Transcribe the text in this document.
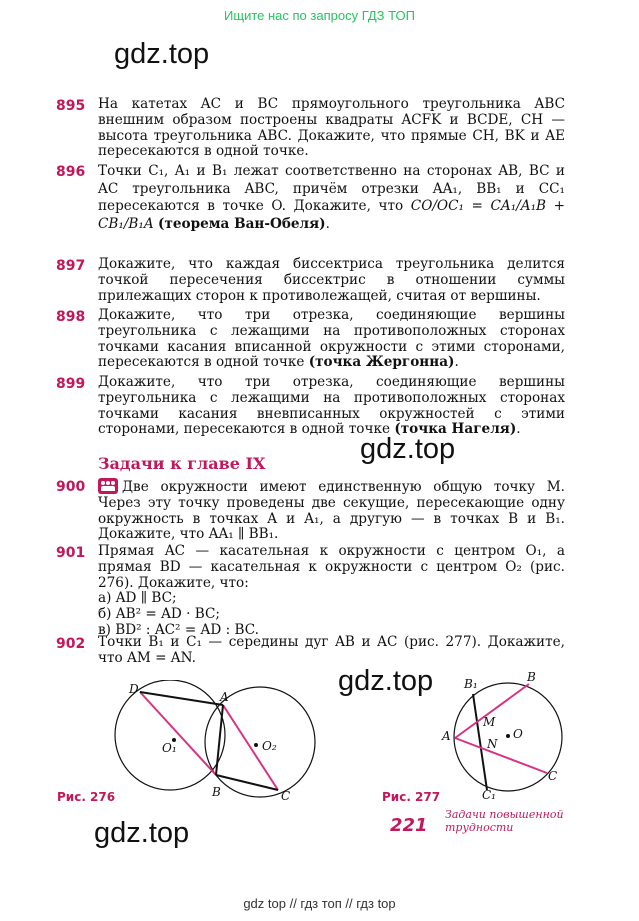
Ищите нас по запросу ГДЗ ТОП
gdz.top
gdz.top
gdz.top
gdz.top
895 На катетах AC и BC прямоугольного треугольника ABC внешним образом построены квадраты ACFK и BCDE, CH — высота треугольника ABC. Докажите, что прямые CH, BK и AE пересекаются в одной точке.
896 Точки C₁, A₁ и B₁ лежат соответственно на сторонах AB, BC и AC треугольника ABC, причём отрезки AA₁, BB₁ и CC₁ пересекаются в точке O. Докажите, что CO/OC₁ = CA₁/A₁B + CB₁/B₁A (теорема Ван-Обеля).
897 Докажите, что каждая биссектриса треугольника делится точкой пересечения биссектрис в отношении суммы прилежащих сторон к противолежащей, считая от вершины.
898 Докажите, что три отрезка, соединяющие вершины треугольника с лежащими на противоположных сторонах точками касания вписанной окружности с этими сторонами, пересекаются в одной точке (точка Жергонна).
899 Докажите, что три отрезка, соединяющие вершины треугольника с лежащими на противоположных сторонах точками касания вневписанных окружностей с этими сторонами, пересекаются в одной точке (точка Нагеля).
Задачи к главе IX
900	Две окружности имеют единственную общую точку M. Через эту точку проведены две секущие, пересекающие одну окружность в точках A и A₁, а другую — в точках B и B₁. Докажите, что AA₁ ∥ BB₁.
901 Прямая AC — касательная к окружности с центром O₁, а прямая BD — касательная к окружности с центром O₂ (рис. 276). Докажите, что:
а) AD ∥ BC;
б) AB² = AD · BC;
в) BD² : AC² = AD : BC.
902 Точки B₁ и C₁ — середины дуг AB и AC (рис. 277). Докажите, что AM = AN.
D
A
B	C
O₁	O₂
Рис. 276
B₁	B
A
M
N
O
C
C₁
Рис. 277
221
Задачи повышенной трудности
gdz top // гдз топ // гдз top
